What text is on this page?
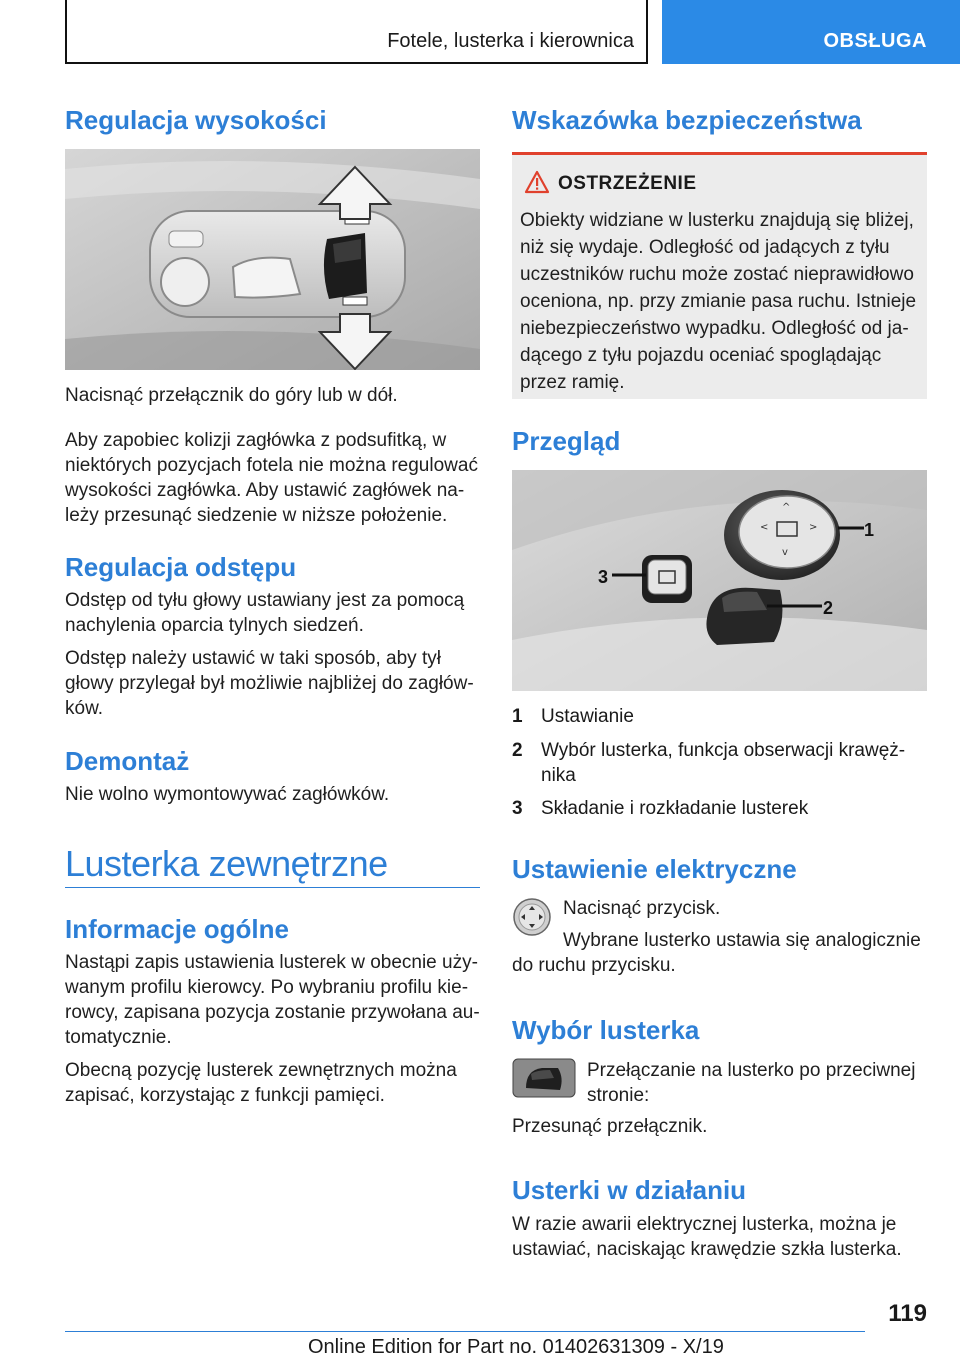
Fotele, lusterka i kierownica	OBSŁUGA
Regulacja wysokości

Nacisnąć przełącznik do góry lub w dół.

Aby zapobiec kolizji zagłówka z podsufitką, w niektórych pozycjach fotela nie można regulować wysokości zagłówka. Aby ustawić zagłówek należy przesunąć siedzenie w niższe położenie.

Regulacja odstępu

Odstęp od tyłu głowy ustawiany jest za pomocą nachylenia oparcia tylnych siedzeń.

Odstęp należy ustawić w taki sposób, aby tył głowy przylegał był możliwie najbliżej do zagłówków.

Demontaż

Nie wolno wymontowywać zagłówków.

Lusterka zewnętrzne
Informacje ogólne

Nastąpi zapis ustawienia lusterek w obecnie używanym profilu kierowcy. Po wybraniu profilu kierowcy, zapisana pozycja zostanie przywołana automatycznie.

Obecną pozycję lusterek zewnętrznych można zapisać, korzystając z funkcji pamięci.

Wskazówka bezpieczeństwa
OSTRZEŻENIE
Obiekty widziane w lusterku znajdują się bliżej, niż się wydaje. Odległość od jadących z tyłu uczestników ruchu może zostać nieprawidłowo oceniona, np. przy zmianie pasa ruchu. Istnieje niebezpieczeństwo wypadku. Odległość od jadącego z tyłu pojazdu oceniać spoglądając przez ramię.
Przegląd
<	>
^
v
1
2
3
1 Ustawianie
2 Wybór lusterka, funkcja obserwacji krawężnika
3 Składanie i rozkładanie lusterek
Ustawienie elektryczne

Nacisnąć przycisk.

Wybrane lusterko ustawia się analogicznie do ruchu przycisku.

Wybór lusterka

Przełączanie na lusterko po przeciwnej stronie:

Przesunąć przełącznik.

Usterki w działaniu

W razie awarii elektrycznej lusterka, można je ustawiać, naciskając krawędzie szkła lusterka.

119
Online Edition for Part no. 01402631309 - X/19
